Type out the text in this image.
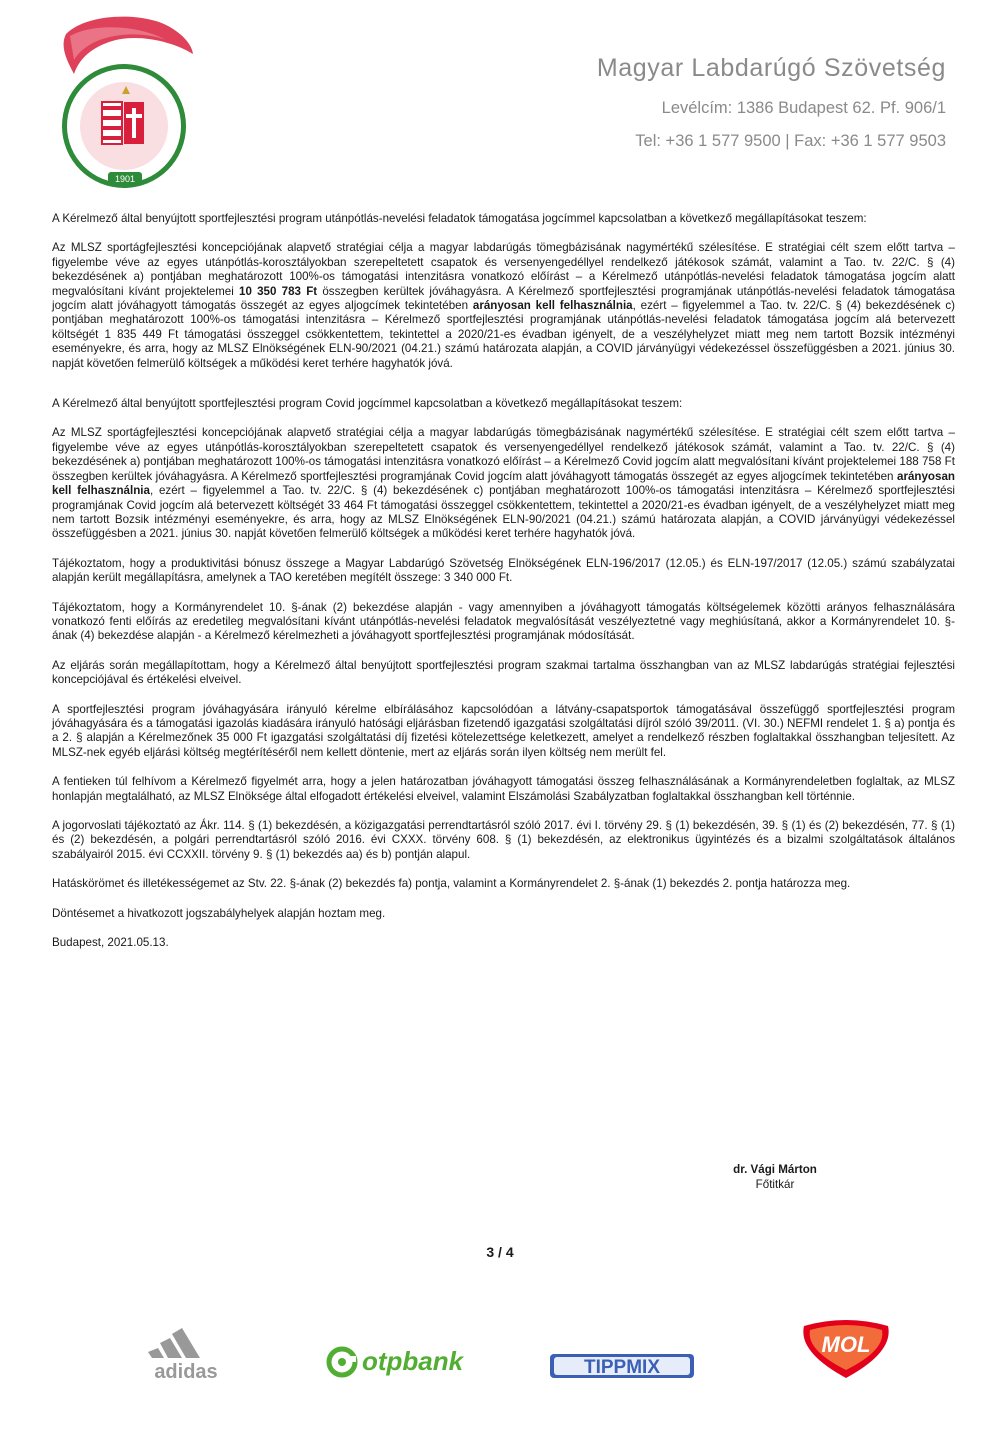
1901
Magyar Labdarúgó Szövetség
Levélcím: 1386 Budapest 62. Pf. 906/1
Tel: +36 1 577 9500 | Fax: +36 1 577 9503

A Kérelmező által benyújtott sportfejlesztési program utánpótlás-nevelési feladatok támogatása jogcímmel kapcsolatban a következő megállapításokat teszem:

Az MLSZ sportágfejlesztési koncepciójának alapvető stratégiai célja a magyar labdarúgás tömegbázisának nagymértékű szélesítése. E stratégiai célt szem előtt tartva – figyelembe véve az egyes utánpótlás-korosztályokban szerepeltetett csapatok és versenyengedéllyel rendelkező játékosok számát, valamint a Tao. tv. 22/C. § (4) bekezdésének a) pontjában meghatározott 100%-os támogatási intenzitásra vonatkozó előírást – a Kérelmező utánpótlás-nevelési feladatok támogatása jogcím alatt megvalósítani kívánt projektelemei 10 350 783 Ft összegben kerültek jóváhagyásra. A Kérelmező sportfejlesztési programjának utánpótlás-nevelési feladatok támogatása jogcím alatt jóváhagyott támogatás összegét az egyes aljogcímek tekintetében arányosan kell felhasználnia, ezért – figyelemmel a Tao. tv. 22/C. § (4) bekezdésének c) pontjában meghatározott 100%-os támogatási intenzitásra – Kérelmező sportfejlesztési programjának utánpótlás-nevelési feladatok támogatása jogcím alá betervezett költségét 1 835 449 Ft támogatási összeggel csökkentettem, tekintettel a 2020/21-es évadban igényelt, de a veszélyhelyzet miatt meg nem tartott Bozsik intézményi eseményekre, és arra, hogy az MLSZ Elnökségének ELN-90/2021 (04.21.) számú határozata alapján, a COVID járványügyi védekezéssel összefüggésben a 2021. június 30. napját követően felmerülő költségek a működési keret terhére hagyhatók jóvá.

A Kérelmező által benyújtott sportfejlesztési program Covid jogcímmel kapcsolatban a következő megállapításokat teszem:

Az MLSZ sportágfejlesztési koncepciójának alapvető stratégiai célja a magyar labdarúgás tömegbázisának nagymértékű szélesítése. E stratégiai célt szem előtt tartva – figyelembe véve az egyes utánpótlás-korosztályokban szerepeltetett csapatok és versenyengedéllyel rendelkező játékosok számát, valamint a Tao. tv. 22/C. § (4) bekezdésének a) pontjában meghatározott 100%-os támogatási intenzitásra vonatkozó előírást – a Kérelmező Covid jogcím alatt megvalósítani kívánt projektelemei 188 758 Ft összegben kerültek jóváhagyásra. A Kérelmező sportfejlesztési programjának Covid jogcím alatt jóváhagyott támogatás összegét az egyes aljogcímek tekintetében arányosan kell felhasználnia, ezért – figyelemmel a Tao. tv. 22/C. § (4) bekezdésének c) pontjában meghatározott 100%-os támogatási intenzitásra – Kérelmező sportfejlesztési programjának Covid jogcím alá betervezett költségét 33 464 Ft támogatási összeggel csökkentettem, tekintettel a 2020/21-es évadban igényelt, de a veszélyhelyzet miatt meg nem tartott Bozsik intézményi eseményekre, és arra, hogy az MLSZ Elnökségének ELN-90/2021 (04.21.) számú határozata alapján, a COVID járványügyi védekezéssel összefüggésben a 2021. június 30. napját követően felmerülő költségek a működési keret terhére hagyhatók jóvá.

Tájékoztatom, hogy a produktivitási bónusz összege a Magyar Labdarúgó Szövetség Elnökségének ELN-196/2017 (12.05.) és ELN-197/2017 (12.05.) számú szabályzatai alapján került megállapításra, amelynek a TAO keretében megítélt összege: 3 340 000 Ft.

Tájékoztatom, hogy a Kormányrendelet 10. §-ának (2) bekezdése alapján - vagy amennyiben a jóváhagyott támogatás költségelemek közötti arányos felhasználására vonatkozó fenti előírás az eredetileg megvalósítani kívánt utánpótlás-nevelési feladatok megvalósítását veszélyeztetné vagy meghiúsítaná, akkor a Kormányrendelet 10. §-ának (4) bekezdése alapján - a Kérelmező kérelmezheti a jóváhagyott sportfejlesztési programjának módosítását.

Az eljárás során megállapítottam, hogy a Kérelmező által benyújtott sportfejlesztési program szakmai tartalma összhangban van az MLSZ labdarúgás stratégiai fejlesztési koncepciójával és értékelési elveivel.

A sportfejlesztési program jóváhagyására irányuló kérelme elbírálásához kapcsolódóan a látvány-csapatsportok támogatásával összefüggő sportfejlesztési program jóváhagyására és a támogatási igazolás kiadására irányuló hatósági eljárásban fizetendő igazgatási szolgáltatási díjról szóló 39/2011. (VI. 30.) NEFMI rendelet 1. § a) pontja és a 2. § alapján a Kérelmezőnek 35 000 Ft igazgatási szolgáltatási díj fizetési kötelezettsége keletkezett, amelyet a rendelkező részben foglaltakkal összhangban teljesített. Az MLSZ-nek egyéb eljárási költség megtérítéséről nem kellett döntenie, mert az eljárás során ilyen költség nem merült fel.

A fentieken túl felhívom a Kérelmező figyelmét arra, hogy a jelen határozatban jóváhagyott támogatási összeg felhasználásának a Kormányrendeletben foglaltak, az MLSZ honlapján megtalálható, az MLSZ Elnöksége által elfogadott értékelési elveivel, valamint Elszámolási Szabályzatban foglaltakkal összhangban kell történnie.

A jogorvoslati tájékoztató az Ákr. 114. § (1) bekezdésén, a közigazgatási perrendtartásról szóló 2017. évi I. törvény 29. § (1) bekezdésén, 39. § (1) és (2) bekezdésén, 77. § (1) és (2) bekezdésén, a polgári perrendtartásról szóló 2016. évi CXXX. törvény 608. § (1) bekezdésén, az elektronikus ügyintézés és a bizalmi szolgáltatások általános szabályairól 2015. évi CCXXII. törvény 9. § (1) bekezdés aa) és b) pontján alapul.

Hatáskörömet és illetékességemet az Stv. 22. §-ának (2) bekezdés fa) pontja, valamint a Kormányrendelet 2. §-ának (1) bekezdés 2. pontja határozza meg.

Döntésemet a hivatkozott jogszabályhelyek alapján hoztam meg.

Budapest, 2021.05.13.

dr. Vági Márton
Főtitkár
3 / 4
adidas	otpbank	TIPPMIX
MOL
